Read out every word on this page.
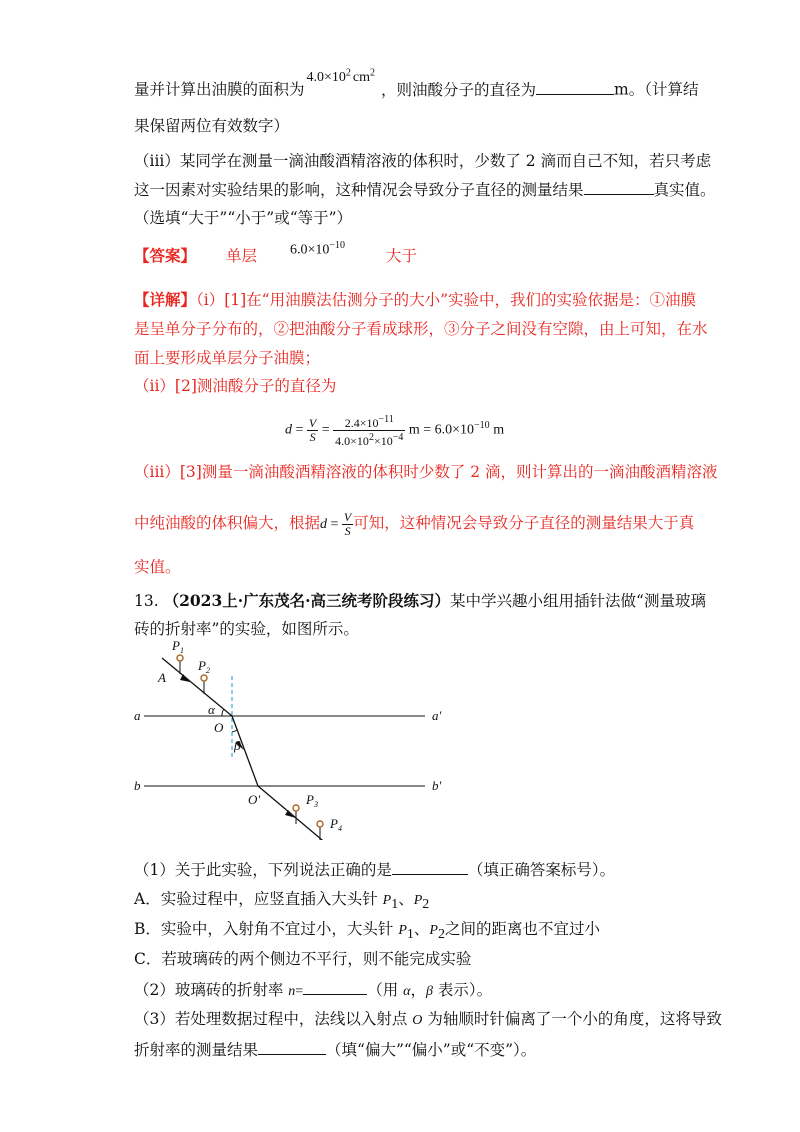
量并计算出油膜的面积为$4.0\times 10^2$ $cm^2$，则油酸分子的直径为	m。（计算结
果保留两位有效数字）
（iii）某同学在测量一滴油酸酒精溶液的体积时，少数了 2 滴而自己不知，若只考虑
这一因素对实验结果的影响，这种情况会导致分子直径的测量结果	真实值。
（选填“大于”“小于”或“等于”）
【答案】 单层 $6.0\times 10^{-10}$
大于
【详解】（i）[1]在“用油膜法估测分子的大小”实验中，我们的实验依据是：①油膜
是呈单分子分布的，②把油酸分子看成球形，③分子之间没有空隙，由上可知，在水
面上要形成单层分子油膜；
（ii）[2]测油酸分子的直径为
$d = \frac{V}{S} = \frac{2.4\times 10^{-11}}{4.0\times 10^2\times 10^{-4}}$ $m = 6.0\times 10^{-10}$ m
（iii）[3]测量一滴油酸酒精溶液的体积时少数了 2 滴，则计算出的一滴油酸酒精溶液
中纯油酸的体积偏大，根据$d = \frac{V}{S}$ 可知，这种情况会导致分子直径的测量结果大于真
实值。
13. （2023上·广东茂名·高三统考阶段练习）某中学兴趣小组用插针法做“测量玻璃
砖的折射率”的实验，如图所示。
$P_1$
$P_2$
A
a	a′
α
O
β
b	b′
O′	$P_3$
$P_4$
（1）关于此实验，下列说法正确的是	（填正确答案标号）。
A．实验过程中，应竖直插入大头针 $P_1$、$P_2$
B．实验中，入射角不宜过小，大头针 $P_1$、$P_2$之间的距离也不宜过小
C．若玻璃砖的两个侧边不平行，则不能完成实验
（2）玻璃砖的折射率 n=	（用 α，β 表示）。
（3）若处理数据过程中，法线以入射点 O 为轴顺时针偏离了一个小的角度，这将导致
折射率的测量结果	（填“偏大”“偏小”或“不变”）。
